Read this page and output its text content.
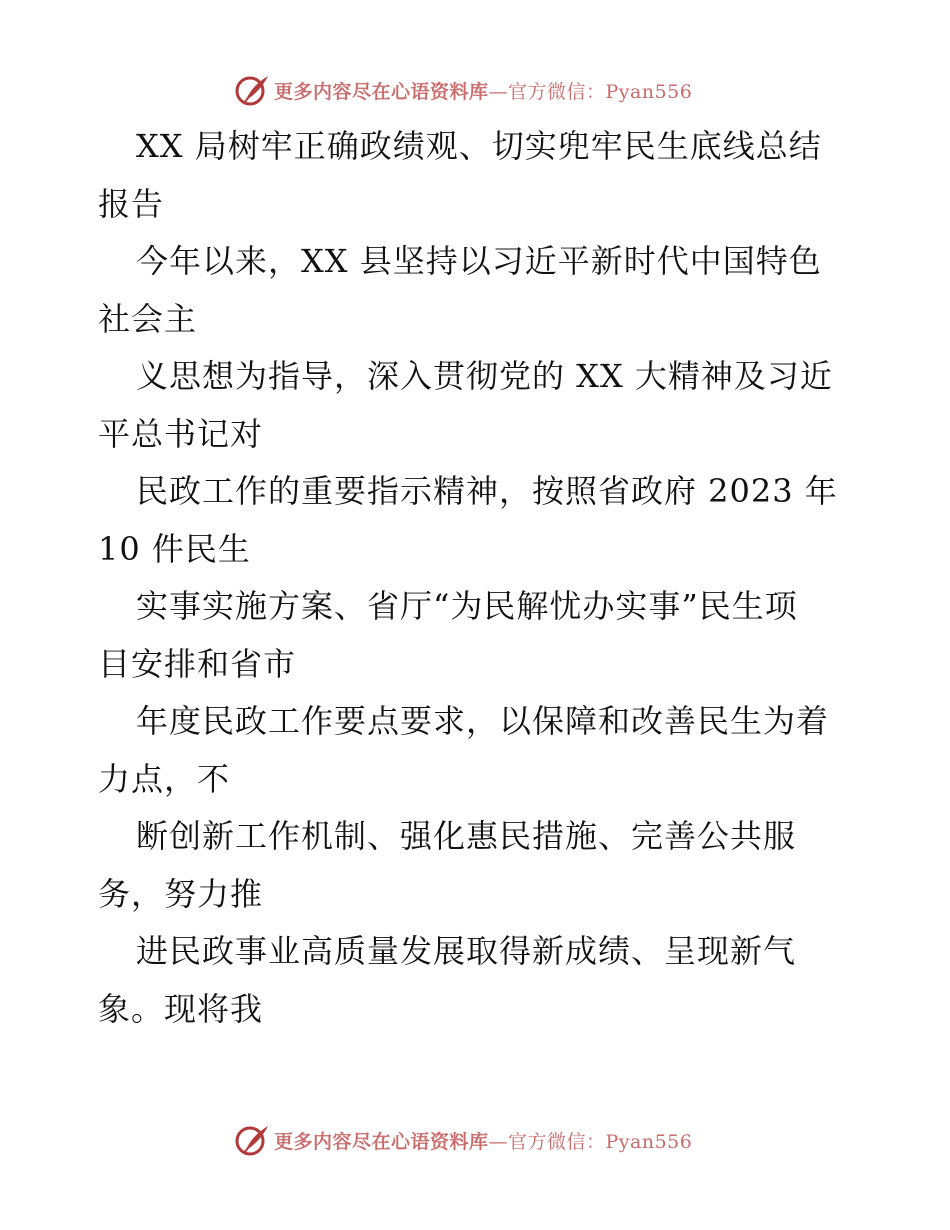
更多内容尽在心语资料库—官方微信：Pyan556
XX 局树牢正确政绩观、切实兜牢民生底线总结
报告
今年以来，XX 县坚持以习近平新时代中国特色
社会主
义思想为指导，深入贯彻党的 XX 大精神及习近
平总书记对
民政工作的重要指示精神，按照省政府 2023 年
10 件民生
实事实施方案、省厅“为民解忧办实事”民生项
目安排和省市
年度民政工作要点要求，以保障和改善民生为着
力点，不
断创新工作机制、强化惠民措施、完善公共服
务，努力推
进民政事业高质量发展取得新成绩、呈现新气
象。现将我
更多内容尽在心语资料库—官方微信：Pyan556
